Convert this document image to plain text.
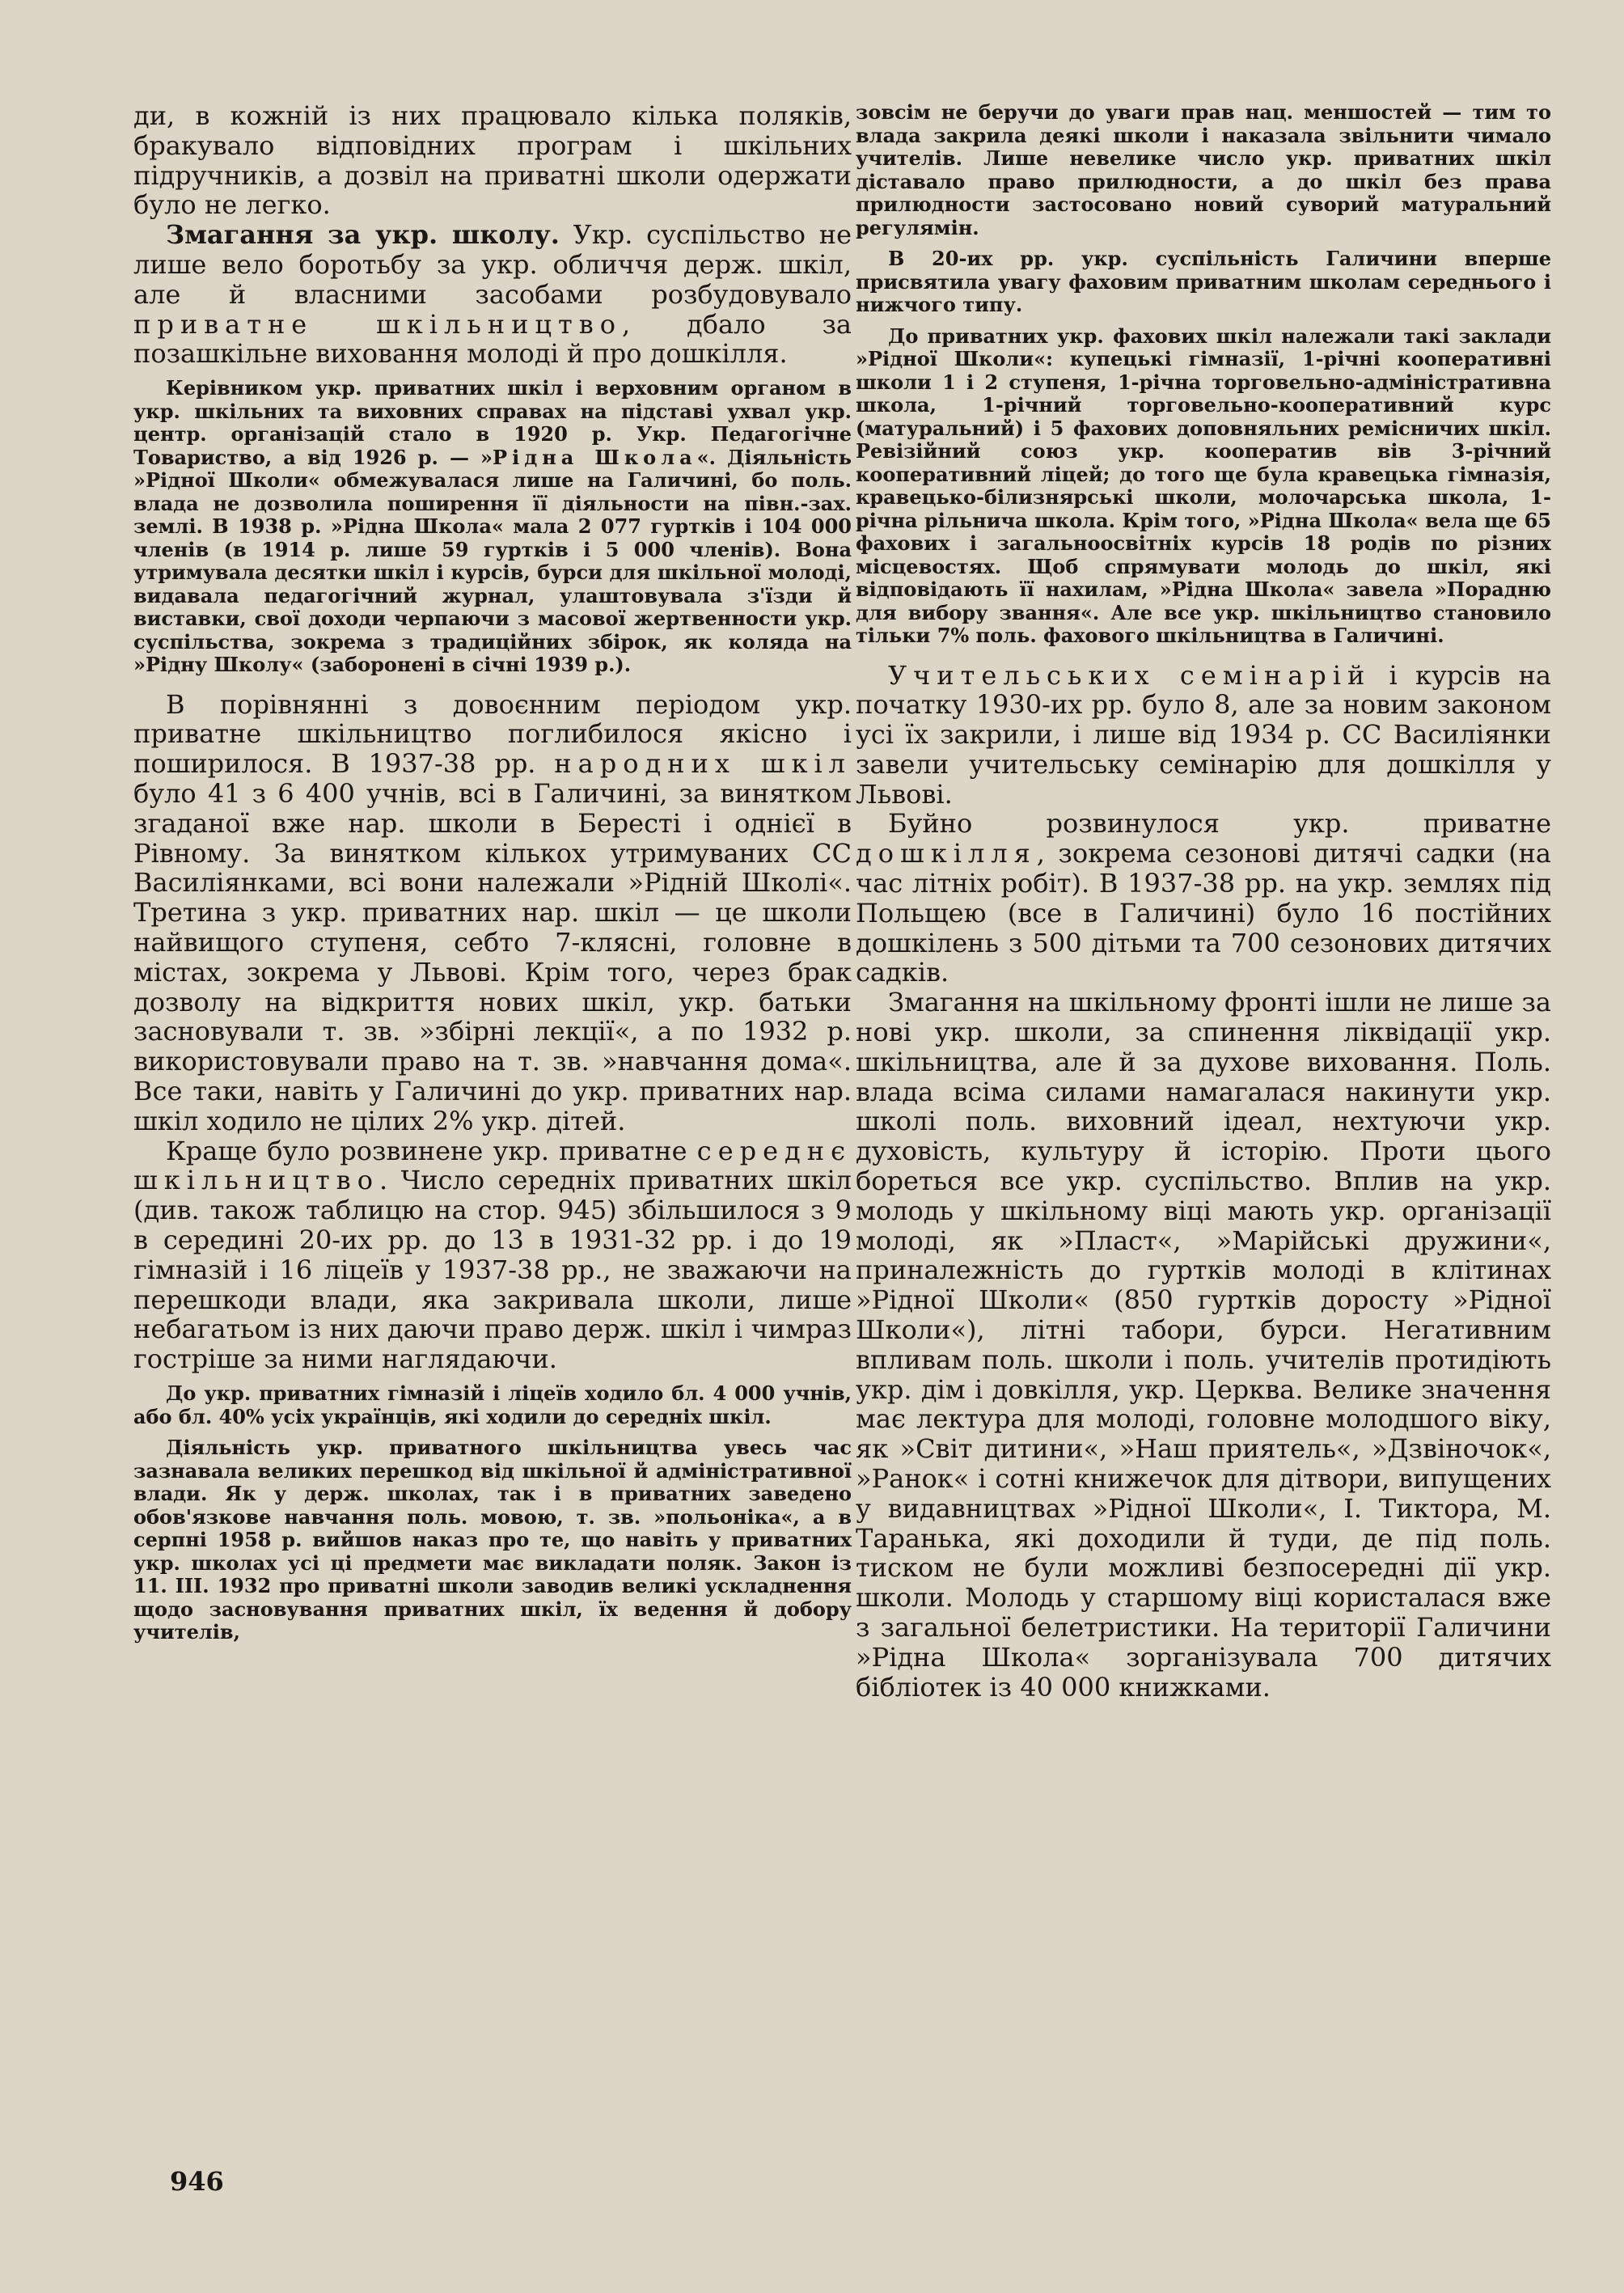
ди, в кожній із них працювало кілька поляків, бракувало відповідних програм і шкільних підручників, а дозвіл на приватні школи одержати було не легко.

Змагання за укр. школу. Укр. суспільство не лише вело боротьбу за укр. обличчя держ. шкіл, але й власними засобами розбудовувало приватне шкільництво, дбало за позашкільне виховання молоді й про дошкілля.

Керівником укр. приватних шкіл і верховним органом в укр. шкільних та виховних справах на підставі ухвал укр. центр. організацій стало в 1920 р. Укр. Педагогічне Товариство, а від 1926 р. — »Рідна Школа«. Діяльність »Рідної Школи« обмежувалася лише на Галичині, бо поль. влада не дозволила поширення її діяльности на півн.-зах. землі. В 1938 р. »Рідна Школа« мала 2 077 гуртків і 104 000 членів (в 1914 р. лише 59 гуртків і 5 000 членів). Вона утримувала десятки шкіл і курсів, бурси для шкільної молоді, видавала педагогічний журнал, улаштовувала з'їзди й виставки, свої доходи черпаючи з масової жертвенности укр. суспільства, зокрема з традиційних збірок, як коляда на »Рідну Школу« (заборонені в січні 1939 р.).

В порівнянні з довоєнним періодом укр. приватне шкільництво поглибилося якісно і поширилося. В 1937-38 рр. народних шкіл було 41 з 6 400 учнів, всі в Галичині, за винятком згаданої вже нар. школи в Бересті і однієї в Рівному. За винятком кількох утримуваних СС Василіянками, всі вони належали »Рідній Школі«. Третина з укр. приватних нар. шкіл — це школи найвищого ступеня, себто 7-клясні, головне в містах, зокрема у Львові. Крім того, через брак дозволу на відкриття нових шкіл, укр. батьки засновували т. зв. »збірні лекції«, а по 1932 р. використовували право на т. зв. »навчання дома«. Все таки, навіть у Галичині до укр. приватних нар. шкіл ходило не цілих 2% укр. дітей.

Краще було розвинене укр. приватне середнє шкільництво. Число середніх приватних шкіл (див. також таблицю на стор. 945) збільшилося з 9 в середині 20-их рр. до 13 в 1931-32 рр. і до 19 гімназій і 16 ліцеїв у 1937-38 рр., не зважаючи на перешкоди влади, яка закривала школи, лише небагатьом із них даючи право держ. шкіл і чимраз гостріше за ними наглядаючи.

До укр. приватних гімназій і ліцеїв ходило бл. 4 000 учнів, або бл. 40% усіх українців, які ходили до середніх шкіл.

Діяльність укр. приватного шкільництва увесь час зазнавала великих перешкод від шкільної й адміністративної влади. Як у держ. школах, так і в приватних заведено обов'язкове навчання поль. мовою, т. зв. »польоніка«, а в серпні 1958 р. вийшов наказ про те, що навіть у приватних укр. школах усі ці предмети має викладати поляк. Закон із 11. III. 1932 про приватні школи заводив великі ускладнення щодо засновування приватних шкіл, їх ведення й добору учителів,

зовсім не беручи до уваги прав нац. меншостей — тим то влада закрила деякі школи і наказала звільнити чимало учителів. Лише невелике число укр. приватних шкіл діставало право прилюдности, а до шкіл без права прилюдности застосовано новий суворий матуральний регулямін.

В 20-их рр. укр. суспільність Галичини вперше присвятила увагу фаховим приватним школам середнього і нижчого типу.

До приватних укр. фахових шкіл належали такі заклади »Рідної Школи«: купецькі гімназії, 1-річні кооперативні школи 1 і 2 ступеня, 1-річна торговельно-адміністративна школа, 1-річний торговельно-кооперативний курс (матуральний) і 5 фахових доповняльних ремісничих шкіл. Ревізійний союз укр. кооператив вів 3-річний кооперативний ліцей; до того ще була кравецька гімназія, кравецько-білизнярські школи, молочарська школа, 1-річна рільнича школа. Крім того, »Рідна Школа« вела ще 65 фахових і загальноосвітніх курсів 18 родів по різних місцевостях. Щоб спрямувати молодь до шкіл, які відповідають її нахилам, »Рідна Школа« завела »Порадню для вибору звання«. Але все укр. шкільництво становило тільки 7% поль. фахового шкільництва в Галичині.

Учительських семінарій і курсів на початку 1930-их рр. було 8, але за новим законом усі їх закрили, і лише від 1934 р. СС Василіянки завели учительську семінарію для дошкілля у Львові.

Буйно розвинулося укр. приватне дошкілля, зокрема сезонові дитячі садки (на час літніх робіт). В 1937-38 рр. на укр. землях під Польщею (все в Галичині) було 16 постійних дошкілень з 500 дітьми та 700 сезонових дитячих садків.

Змагання на шкільному фронті ішли не лише за нові укр. школи, за спинення ліквідації укр. шкільництва, але й за духове виховання. Поль. влада всіма силами намагалася накинути укр. школі поль. виховний ідеал, нехтуючи укр. духовість, культуру й історію. Проти цього бореться все укр. суспільство. Вплив на укр. молодь у шкільному віці мають укр. організації молоді, як »Пласт«, »Марійські дружини«, приналежність до гуртків молоді в клітинах »Рідної Школи« (850 гуртків доросту »Рідної Школи«), літні табори, бурси. Негативним впливам поль. школи і поль. учителів протидіють укр. дім і довкілля, укр. Церква. Велике значення має лектура для молоді, головне молодшого віку, як »Світ дитини«, »Наш приятель«, »Дзвіночок«, »Ранок« і сотні книжечок для дітвори, випущених у видавництвах »Рідної Школи«, І. Тиктора, М. Таранька, які доходили й туди, де під поль. тиском не були можливі безпосередні дії укр. школи. Молодь у старшому віці користалася вже з загальної белетристики. На території Галичини »Рідна Школа« зорганізувала 700 дитячих бібліотек із 40 000 книжками.

946
